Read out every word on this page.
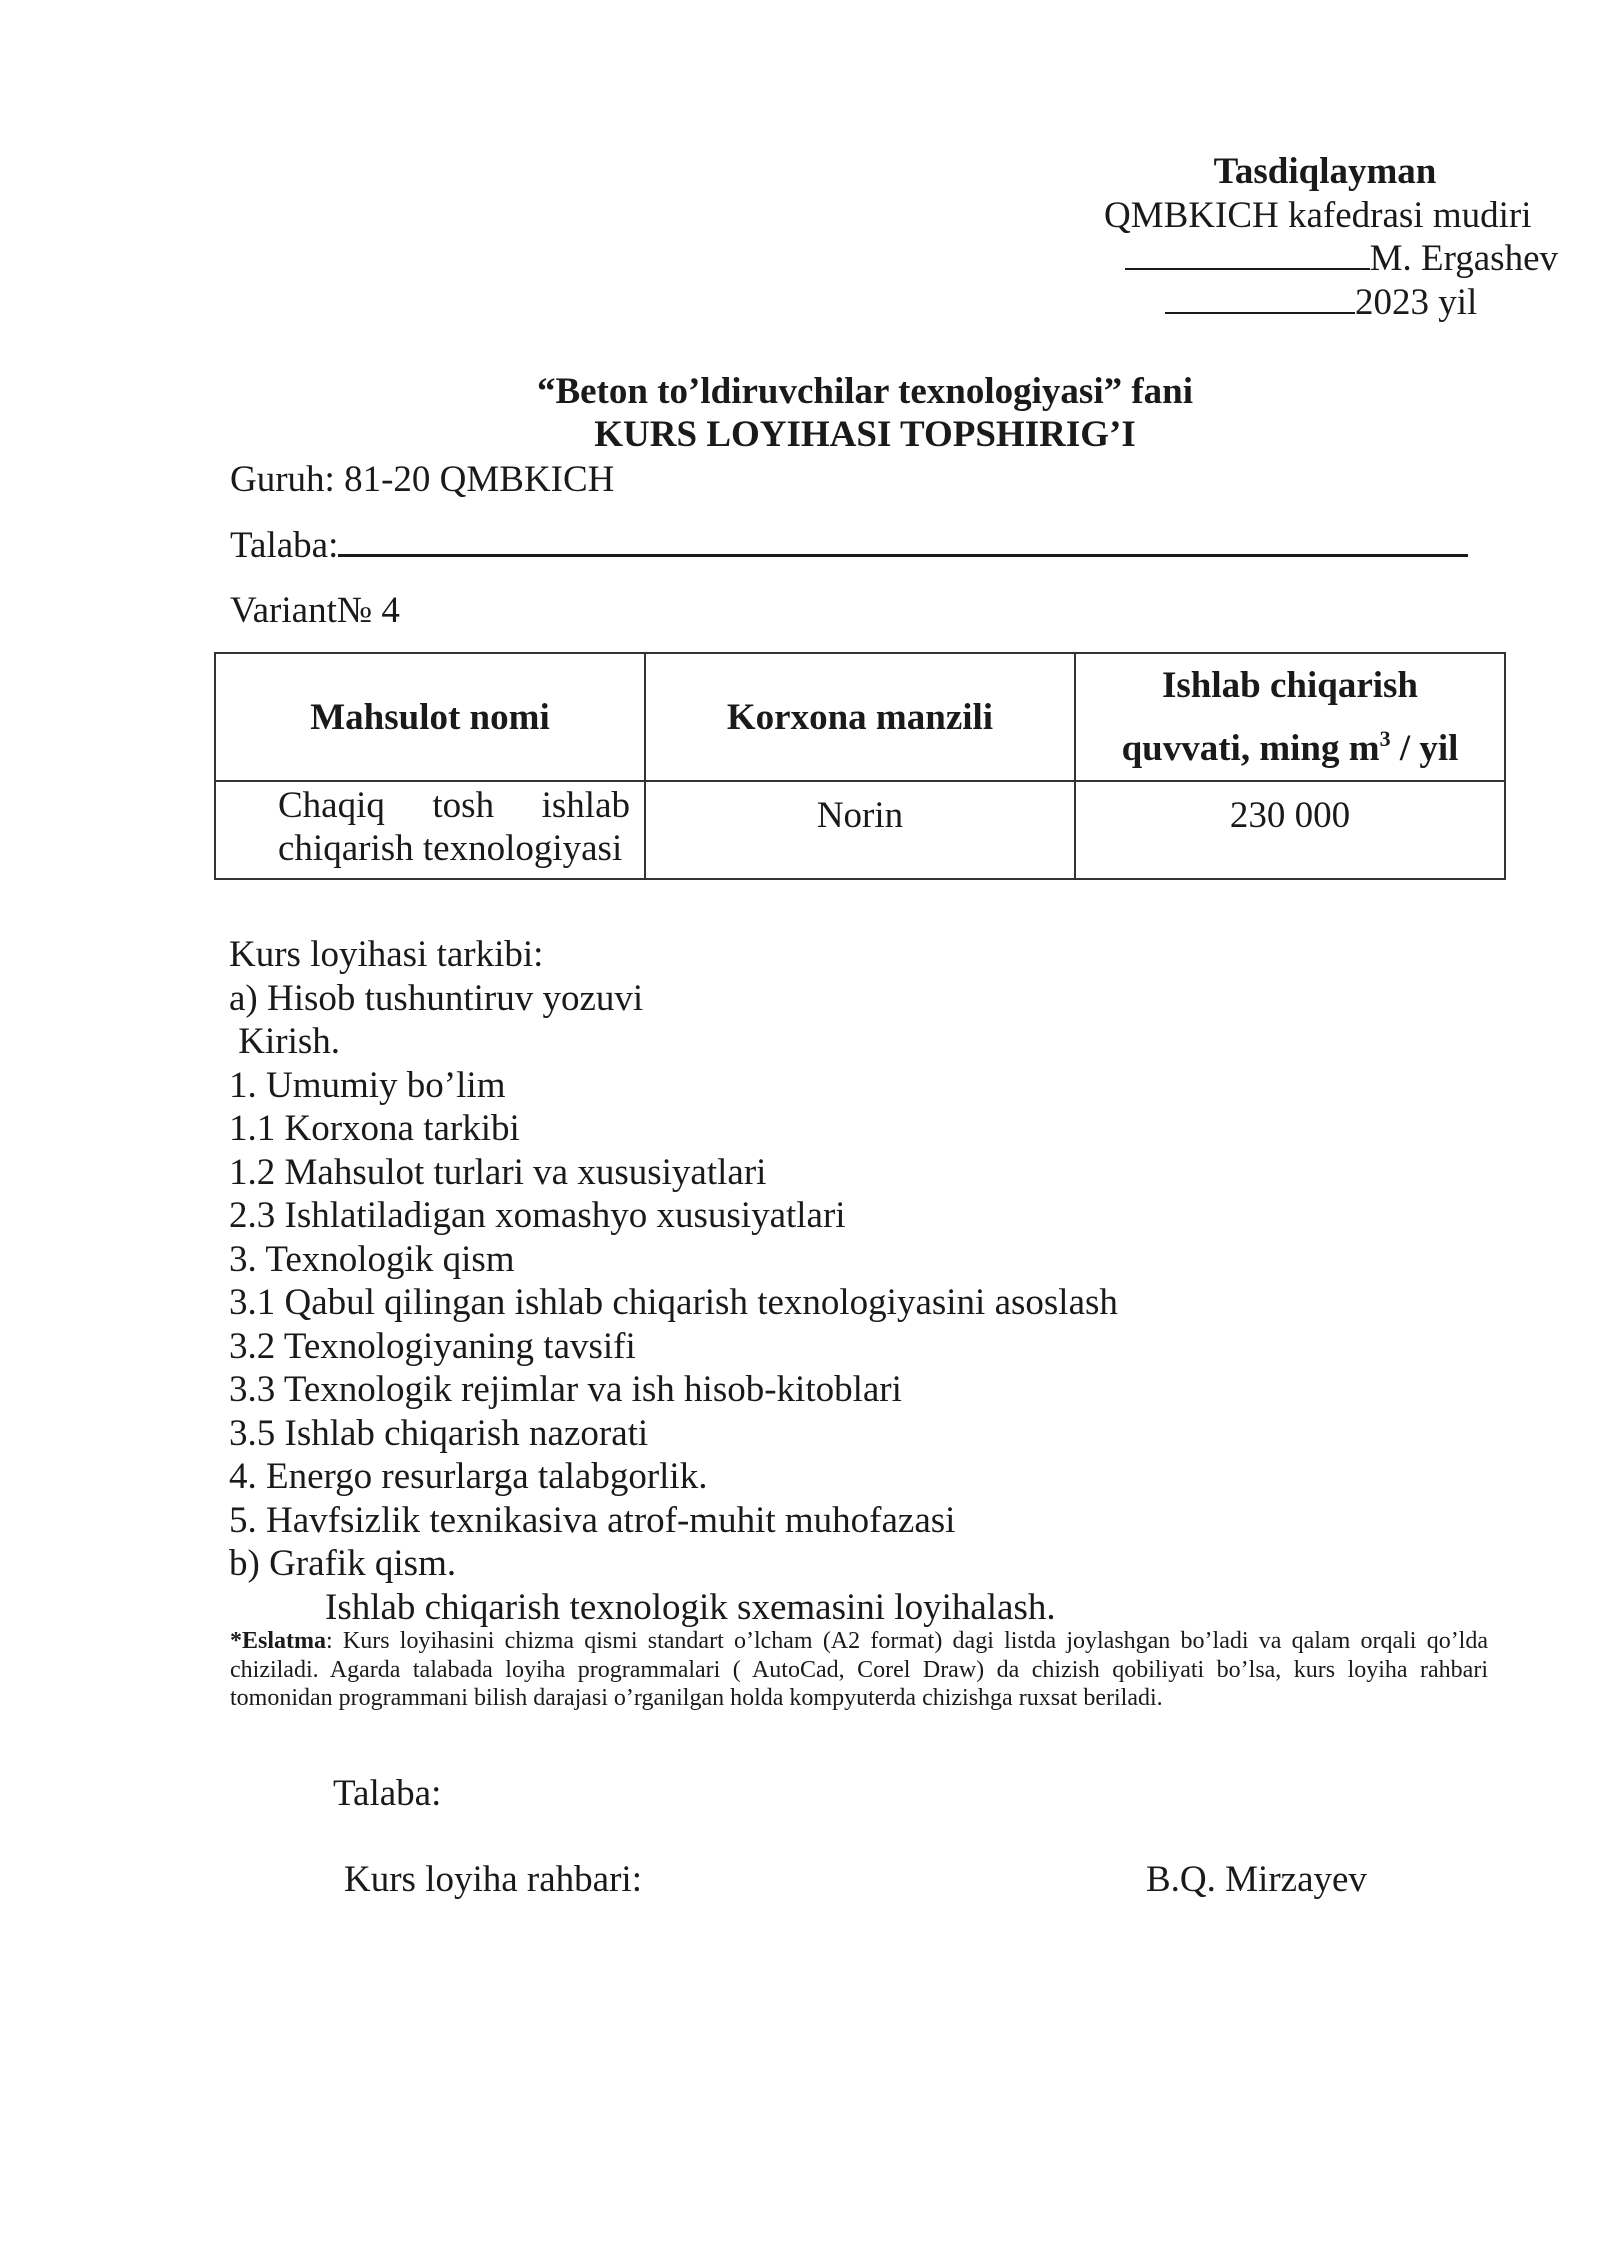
Tasdiqlayman
QMBKICH kafedrasi mudiri
M. Ergashev
2023 yil
“Beton to’ldiruvchilar texnologiyasi” fani
KURS LOYIHASI TOPSHIRIG’I
Guruh: 81-20 QMBKICH
Talaba:
Variant№ 4
Mahsulot nomi	Korxona manzili	Ishlab chiqarish
quvvati, ming $m^3$ / yil

Chaqiq tosh ishlab
chiqarish texnologiyasi	Norin	230 000
Kurs loyihasi tarkibi:
a) Hisob tushuntiruv yozuvi
Kirish.
1. Umumiy bo’lim
1.1 Korxona tarkibi
1.2 Mahsulot turlari va xususiyatlari
2.3 Ishlatiladigan xomashyo xususiyatlari
3. Texnologik qism
3.1 Qabul qilingan ishlab chiqarish texnologiyasini asoslash
3.2 Texnologiyaning tavsifi
3.3 Texnologik rejimlar va ish hisob-kitoblari
3.5 Ishlab chiqarish nazorati
4. Energo resurlarga talabgorlik.
5. Havfsizlik texnikasiva atrof-muhit muhofazasi
b) Grafik qism.
Ishlab chiqarish texnologik sxemasini loyihalash.
*Eslatma: Kurs loyihasini chizma qismi standart o’lcham (A2 format) dagi listda joylashgan bo’ladi va qalam orqali qo’lda chiziladi. Agarda talabada loyiha programmalari ( AutoCad, Corel Draw) da chizish qobiliyati bo’lsa, kurs loyiha rahbari tomonidan programmani bilish darajasi o’rganilgan holda kompyuterda chizishga ruxsat beriladi.
Talaba:
Kurs loyiha rahbari:	B.Q. Mirzayev
